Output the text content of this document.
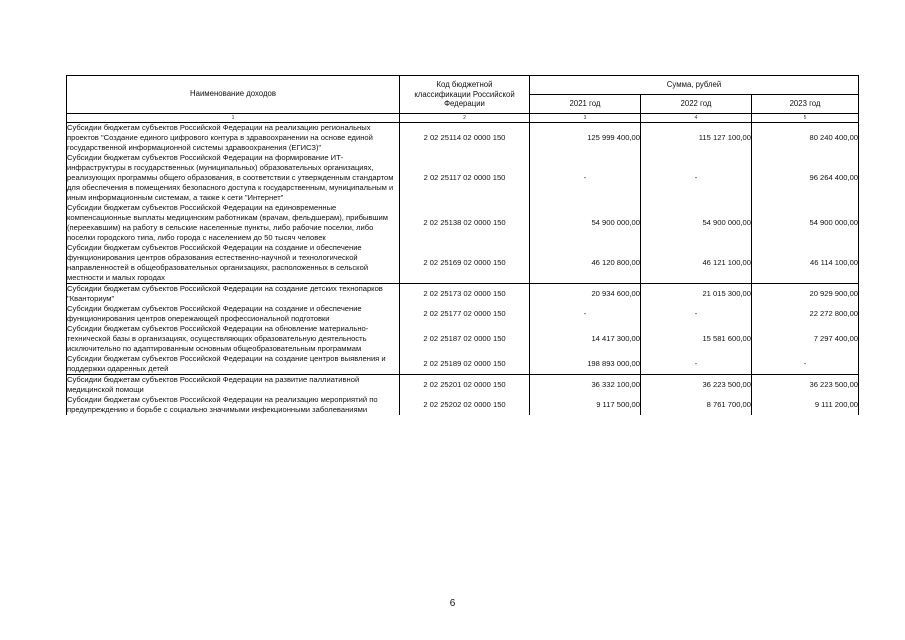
Наименование доходов	Код бюджетной
классификации Российской
Федерации	Сумма, рублей		
		2021 год	2022 год	2023 год
1	2	3	4	5
Субсидии бюджетам субъектов Российской Федерации на реализацию региональных проектов "Создание единого цифрового контура в здравоохранении на основе единой государственной информационной системы здравоохранения (ЕГИСЗ)"	2 02 25114 02 0000 150	125 999 400,00	115 127 100,00	80 240 400,00
Субсидии бюджетам субъектов Российской Федерации на формирование ИТ-инфраструктуры в государственных (муниципальных) образовательных организациях, реализующих программы общего образования, в соответствии с утвержденным стандартом для обеспечения в помещениях безопасного доступа к государственным, муниципальным и иным информационным системам, а также к сети "Интернет"	2 02 25117 02 0000 150	-	-	96 264 400,00
Субсидии бюджетам субъектов Российской Федерации на единовременные компенсационные выплаты медицинским работникам (врачам, фельдшерам), прибывшим (переехавшим) на работу в сельские населенные пункты, либо рабочие поселки, либо поселки городского типа, либо города с населением до 50 тысяч человек	2 02 25138 02 0000 150	54 900 000,00	54 900 000,00	54 900 000,00
Субсидии бюджетам субъектов Российской Федерации на создание и обеспечение функционирования центров образования естественно-научной и технологической направленностей в общеобразовательных организациях, расположенных в сельской местности и малых городах	2 02 25169 02 0000 150	46 120 800,00	46 121 100,00	46 114 100,00
Субсидии бюджетам субъектов Российской Федерации на создание детских технопарков "Кванториум"	2 02 25173 02 0000 150	20 934 600,00	21 015 300,00	20 929 900,00
Субсидии бюджетам субъектов Российской Федерации на создание и обеспечение функционирования центров опережающей профессиональной подготовки	2 02 25177 02 0000 150	-	-	22 272 800,00
Субсидии бюджетам субъектов Российской Федерации на обновление материально-технической базы в организациях, осуществляющих образовательную деятельность исключительно по адаптированным основным общеобразовательным программам	2 02 25187 02 0000 150	14 417 300,00	15 581 600,00	7 297 400,00
Субсидии бюджетам субъектов Российской Федерации на создание центров выявления и поддержки одаренных детей	2 02 25189 02 0000 150	198 893 000,00	-	-
Субсидии бюджетам субъектов Российской Федерации на развитие паллиативной медицинской помощи	2 02 25201 02 0000 150	36 332 100,00	36 223 500,00	36 223 500,00
Субсидии бюджетам субъектов Российской Федерации на реализацию мероприятий по предупреждению и борьбе с социально значимыми инфекционными заболеваниями	2 02 25202 02 0000 150	9 117 500,00	8 761 700,00	9 111 200,00
6
